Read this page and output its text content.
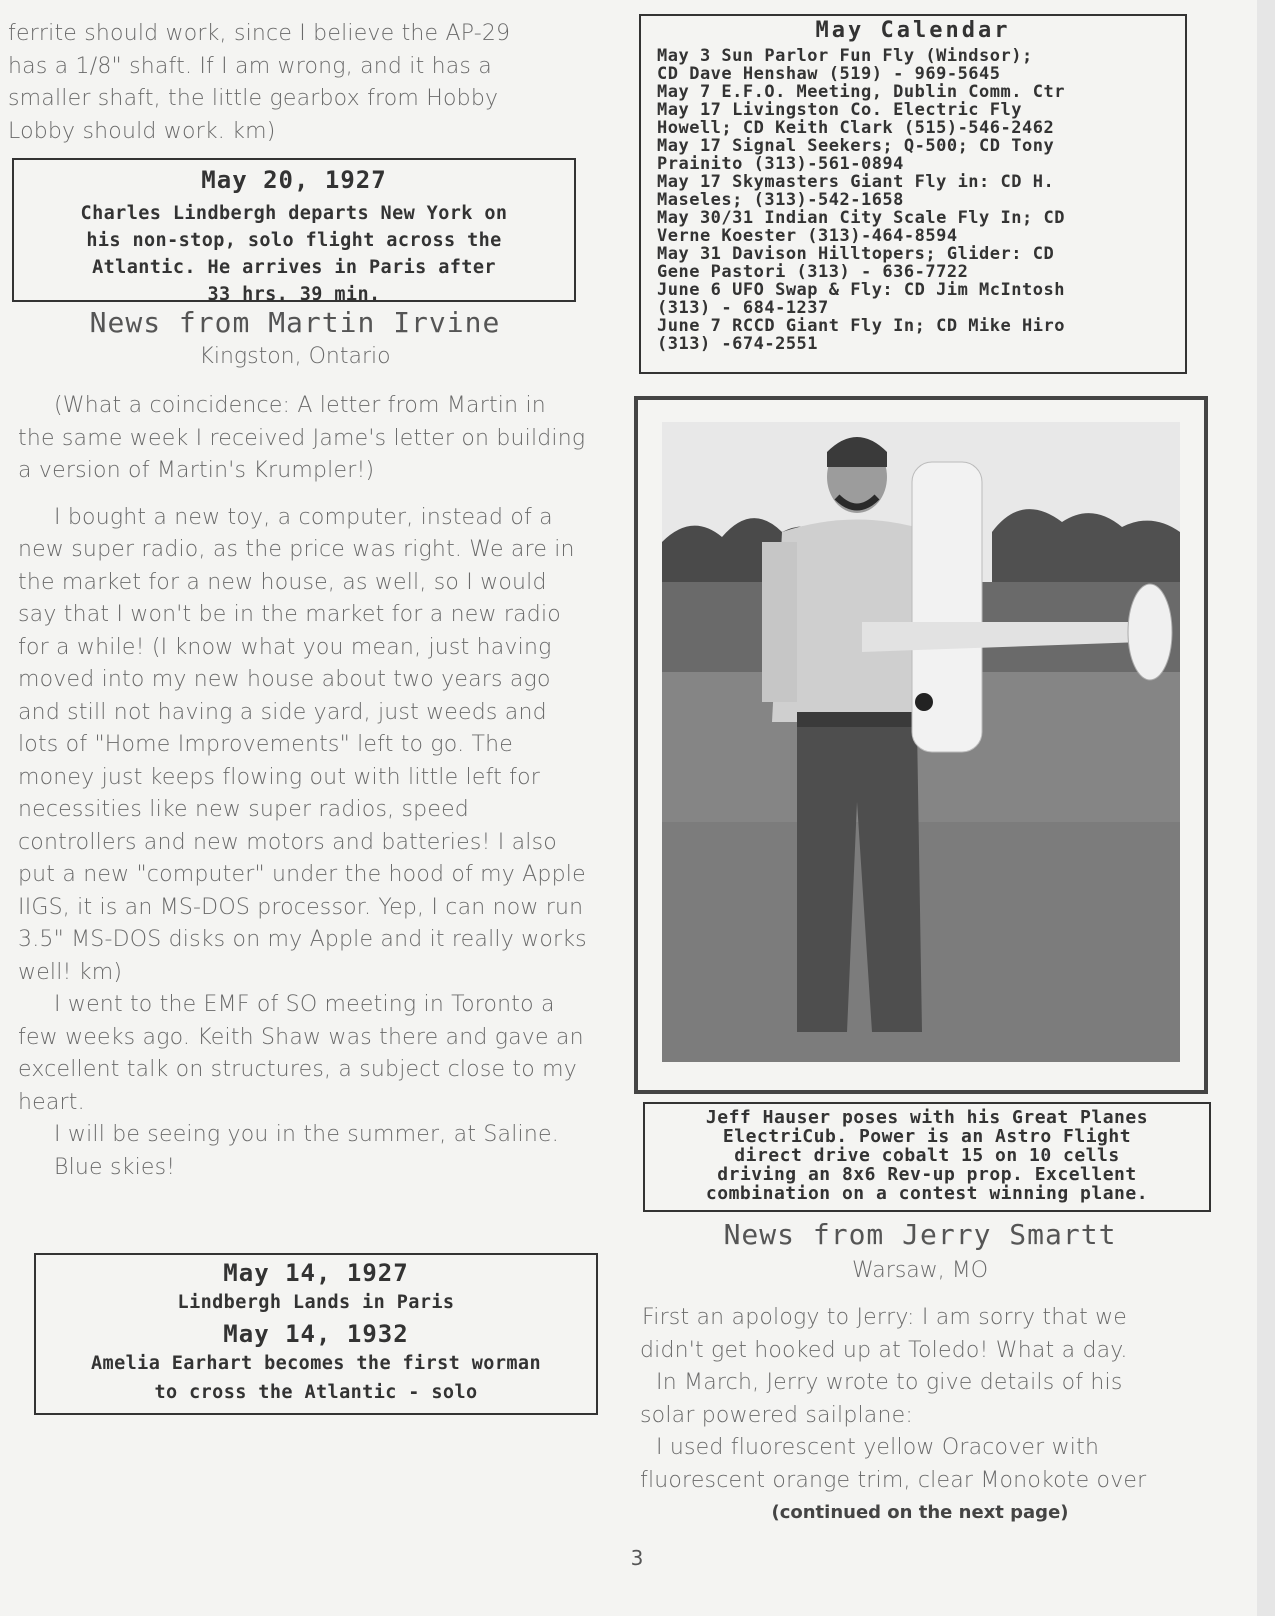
ferrite should work, since I believe the AP-29

has a 1/8" shaft. If I am wrong, and it has a

smaller shaft, the little gearbox from Hobby

Lobby should work. km)

May 20, 1927
Charles Lindbergh departs New York on
his non-stop, solo flight across the
Atlantic. He arrives in Paris after
33 hrs. 39 min.
News from Martin Irvine
Kingston, Ontario

(What a coincidence: A letter from Martin in the same week I received Jame's letter on building a version of Martin's Krumpler!)

I bought a new toy, a computer, instead of a new super radio, as the price was right. We are in the market for a new house, as well, so I would say that I won't be in the market for a new radio for a while! (I know what you mean, just having moved into my new house about two years ago and still not having a side yard, just weeds and lots of "Home Improvements" left to go. The money just keeps flowing out with little left for necessities like new super radios, speed controllers and new motors and batteries! I also put a new "computer" under the hood of my Apple IIGS, it is an MS-DOS processor. Yep, I can now run 3.5" MS-DOS disks on my Apple and it really works well! km)

I went to the EMF of SO meeting in Toronto a few weeks ago. Keith Shaw was there and gave an excellent talk on structures, a subject close to my heart.

I will be seeing you in the summer, at Saline.

Blue skies!

May 14, 1927
Lindbergh Lands in Paris
May 14, 1932
Amelia Earhart becomes the first worman
to cross the Atlantic - solo
May Calendar
May 3 Sun Parlor Fun Fly (Windsor);
CD Dave Henshaw (519) - 969-5645
May 7 E.F.O. Meeting, Dublin Comm. Ctr
May 17 Livingston Co. Electric Fly
Howell; CD Keith Clark (515)-546-2462
May 17 Signal Seekers; Q-500; CD Tony
Prainito (313)-561-0894
May 17 Skymasters Giant Fly in: CD H.
Maseles; (313)-542-1658
May 30/31 Indian City Scale Fly In; CD
Verne Koester (313)-464-8594
May 31 Davison Hilltopers; Glider: CD
Gene Pastori (313) - 636-7722
June 6 UFO Swap & Fly: CD Jim McIntosh
(313) - 684-1237
June 7 RCCD Giant Fly In; CD Mike Hiro
(313) -674-2551
Jeff Hauser poses with his Great Planes
ElectriCub. Power is an Astro Flight
direct drive cobalt 15 on 10 cells
driving an 8x6 Rev-up prop. Excellent
combination on a contest winning plane.
News from Jerry Smartt
Warsaw, MO

First an apology to Jerry: I am sorry that we

didn't get hooked up at Toledo! What a day.

In March, Jerry wrote to give details of his

solar powered sailplane:

I used fluorescent yellow Oracover with

fluorescent orange trim, clear Monokote over

(continued on the next page)
3
